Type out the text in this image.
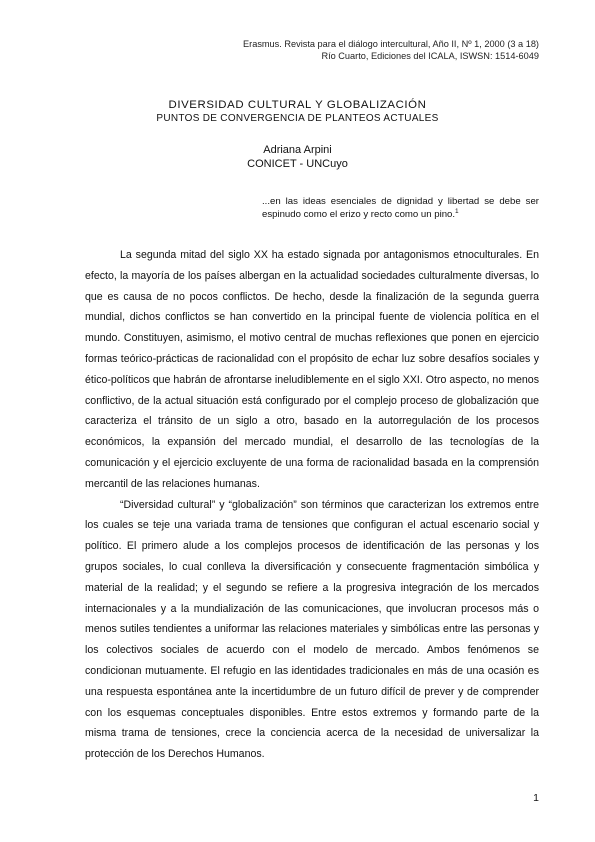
Erasmus. Revista para el diálogo intercultural, Año II, Nº 1, 2000 (3 a 18)
Río Cuarto, Ediciones del ICALA, ISWSN: 1514-6049
DIVERSIDAD CULTURAL Y GLOBALIZACIÓN
PUNTOS DE CONVERGENCIA DE PLANTEOS ACTUALES
Adriana Arpini
CONICET - UNCuyo
...en las ideas esenciales de dignidad y libertad se debe ser espinudo como el erizo y recto como un pino.$^1$

La segunda mitad del siglo XX ha estado signada por antagonismos etnoculturales. En efecto, la mayoría de los países albergan en la actualidad sociedades culturalmente diversas, lo que es causa de no pocos conflictos. De hecho, desde la finalización de la segunda guerra mundial, dichos conflictos se han convertido en la principal fuente de violencia política en el mundo. Constituyen, asimismo, el motivo central de muchas reflexiones que ponen en ejercicio formas teórico-prácticas de racionalidad con el propósito de echar luz sobre desafíos sociales y ético-políticos que habrán de afrontarse ineludiblemente en el siglo XXI. Otro aspecto, no menos conflictivo, de la actual situación está configurado por el complejo proceso de globalización que caracteriza el tránsito de un siglo a otro, basado en la autorregulación de los procesos económicos, la expansión del mercado mundial, el desarrollo de las tecnologías de la comunicación y el ejercicio excluyente de una forma de racionalidad basada en la comprensión mercantil de las relaciones humanas.

“Diversidad cultural” y “globalización” son términos que caracterizan los extremos entre los cuales se teje una variada trama de tensiones que configuran el actual escenario social y político. El primero alude a los complejos procesos de identificación de las personas y los grupos sociales, lo cual conlleva la diversificación y consecuente fragmentación simbólica y material de la realidad; y el segundo se refiere a la progresiva integración de los mercados internacionales y a la mundialización de las comunicaciones, que involucran procesos más o menos sutiles tendientes a uniformar las relaciones materiales y simbólicas entre las personas y los colectivos sociales de acuerdo con el modelo de mercado. Ambos fenómenos se condicionan mutuamente. El refugio en las identidades tradicionales en más de una ocasión es una respuesta espontánea ante la incertidumbre de un futuro difícil de prever y de comprender con los esquemas conceptuales disponibles. Entre estos extremos y formando parte de la misma trama de tensiones, crece la conciencia acerca de la necesidad de universalizar la protección de los Derechos Humanos.

1
